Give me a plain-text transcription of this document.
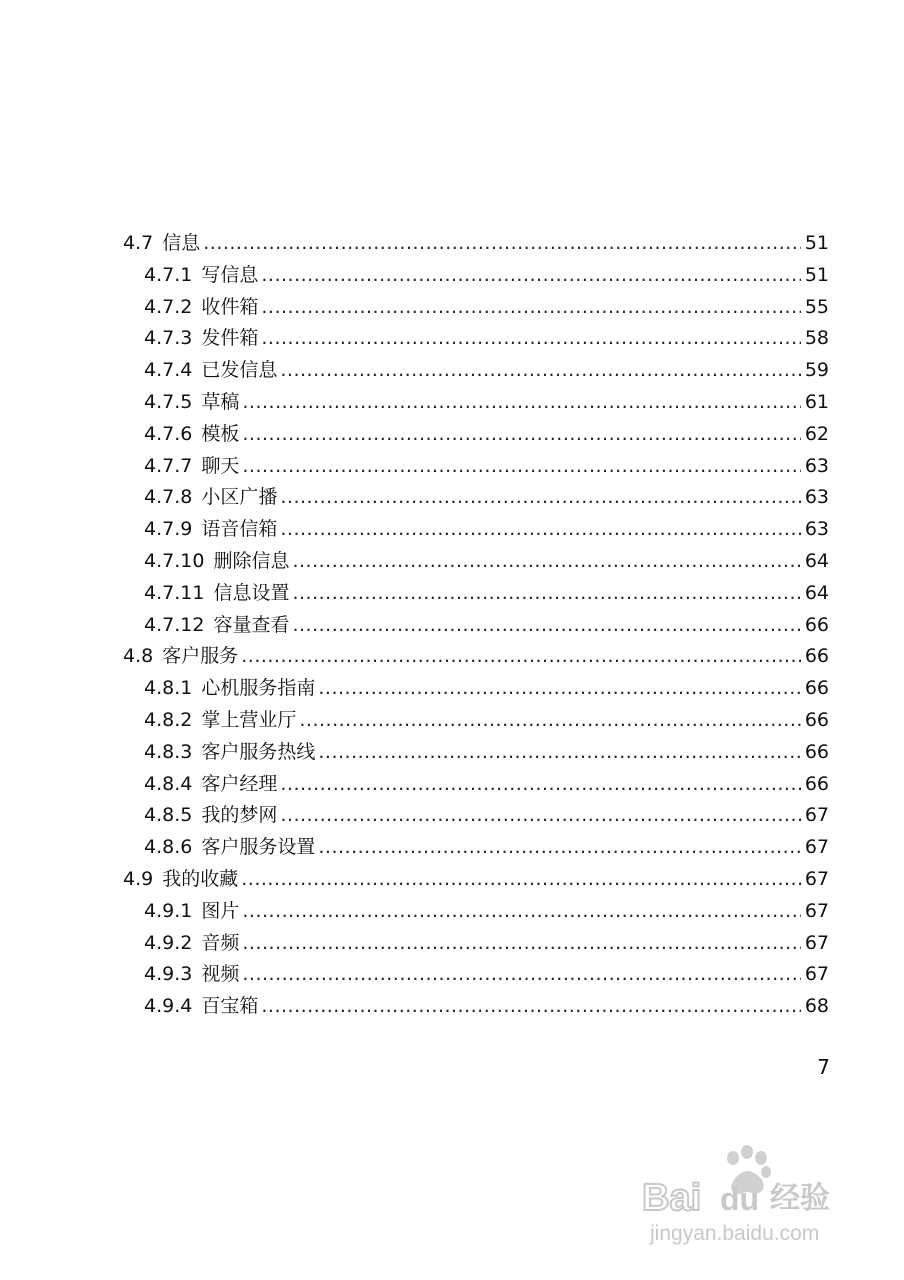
4.7 信息 .....	51
4.7.1 写信息 .....	51
4.7.2 收件箱 .....	55
4.7.3 发件箱 .....	58
4.7.4 已发信息 .....	59
4.7.5 草稿 .....	61
4.7.6 模板 .....	62
4.7.7 聊天 .....	63
4.7.8 小区广播 .....	63
4.7.9 语音信箱 .....	63
4.7.10 删除信息 .....	64
4.7.11 信息设置 .....	64
4.7.12 容量查看 .....	66
4.8 客户服务 .....	66
4.8.1 心机服务指南 .....	66
4.8.2 掌上营业厅 .....	66
4.8.3 客户服务热线 .....	66
4.8.4 客户经理 .....	66
4.8.5 我的梦网 .....	67
4.8.6 客户服务设置 .....	67
4.9 我的收藏 .....	67
4.9.1 图片 .....	67
4.9.2 音频 .....	67
4.9.3 视频 .....	67
4.9.4 百宝箱 .....	68
7
Bai du 经验
jingyan.baidu.com
